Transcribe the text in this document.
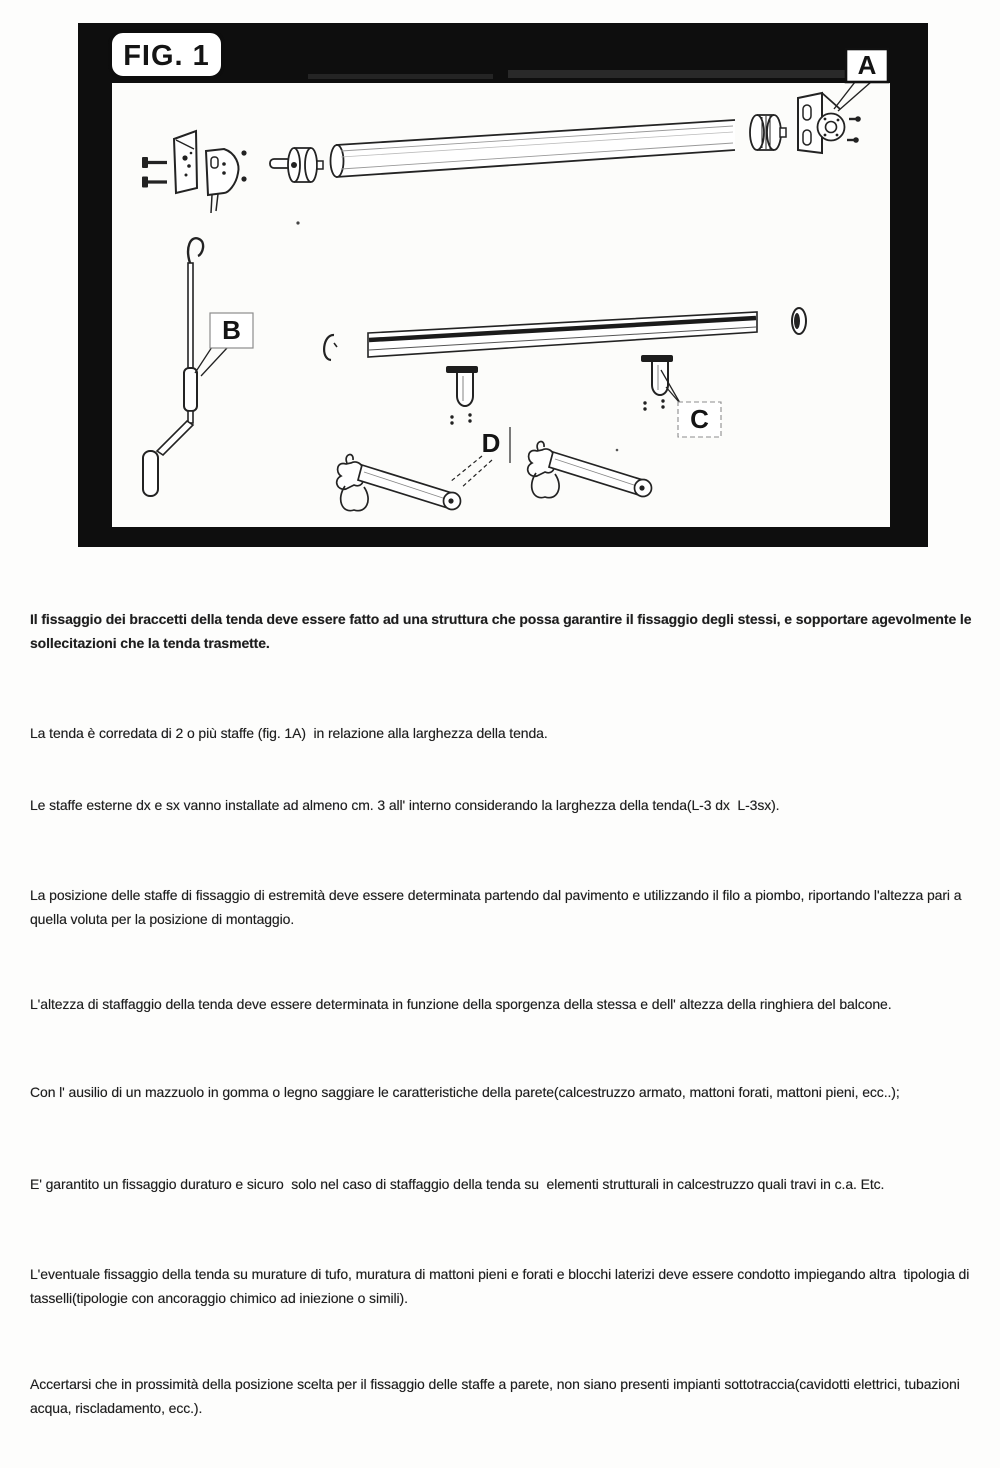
FIG. 1	A
B
C
D

Il fissaggio dei braccetti della tenda deve essere fatto ad una struttura che possa garantire il fissaggio degli stessi, e sopportare agevolmente le sollecitazioni che la tenda trasmette.

La tenda è corredata di 2 o più staffe (fig. 1A)  in relazione alla larghezza della tenda.

Le staffe esterne dx e sx vanno installate ad almeno cm. 3 all' interno considerando la larghezza della tenda(L-3 dx  L-3sx).

La posizione delle staffe di fissaggio di estremità deve essere determinata partendo dal pavimento e utilizzando il filo a piombo, riportando l'altezza pari a quella voluta per la posizione di montaggio.

L'altezza di staffaggio della tenda deve essere determinata in funzione della sporgenza della stessa e dell' altezza della ringhiera del balcone.

Con l' ausilio di un mazzuolo in gomma o legno saggiare le caratteristiche della parete(calcestruzzo armato, mattoni forati, mattoni pieni, ecc..);

E' garantito un fissaggio duraturo e sicuro  solo nel caso di staffaggio della tenda su  elementi strutturali in calcestruzzo quali travi in c.a. Etc.

L'eventuale fissaggio della tenda su murature di tufo, muratura di mattoni pieni e forati e blocchi laterizi deve essere condotto impiegando altra  tipologia di tasselli(tipologie con ancoraggio chimico ad iniezione o simili).

Accertarsi che in prossimità della posizione scelta per il fissaggio delle staffe a parete, non siano presenti impianti sottotraccia(cavidotti elettrici, tubazioni acqua, riscladamento, ecc.).
